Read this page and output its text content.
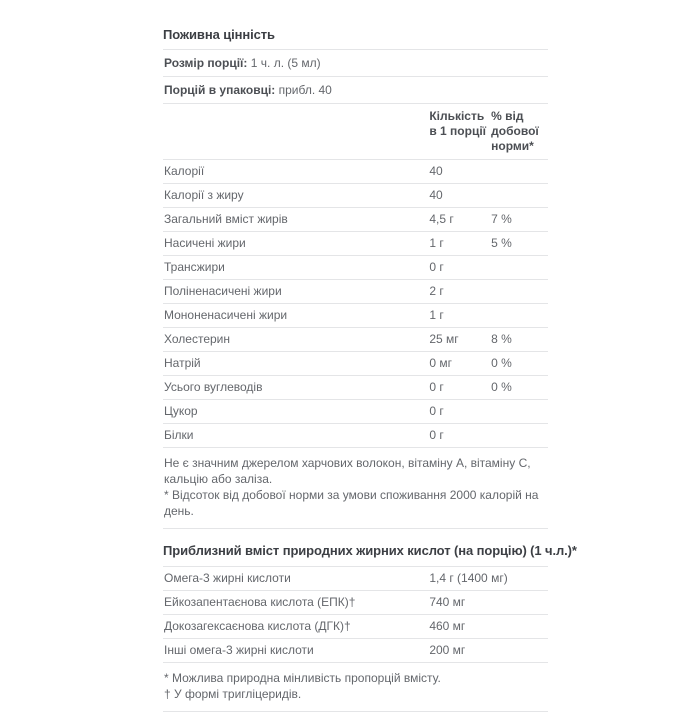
Поживна цінність
Розмір порції: 1 ч. л. (5 мл)
Порцій в упаковці: прибл. 40
Кількість в 1 порції
% від добової норми*
Калорії	40
Калорії з жиру	40
Загальний вміст жирів	4,5 г	7 %
Насичені жири	1 г	5 %
Трансжири	0 г
Поліненасичені жири	2 г
Мононенасичені жири	1 г
Холестерин	25 мг	8 %
Натрій	0 мг	0 %
Усього вуглеводів	0 г	0 %
Цукор	0 г
Білки	0 г

Не є значним джерелом харчових волокон, вітаміну А, вітаміну С, кальцію або заліза.

* Відсоток від добової норми за умови споживання 2000 калорій на день.

Приблизний вміст природних жирних кислот (на порцію) (1 ч.л.)*
Омега-3 жирні кислоти	1,4 г (1400 мг)
Ейкозапентаєнова кислота (ЕПК)†	740 мг
Докозагексаєнова кислота (ДГК)†	460 мг
Інші омега-3 жирні кислоти	200 мг

* Можлива природна мінливість пропорцій вмісту.

† У формі тригліцеридів.
